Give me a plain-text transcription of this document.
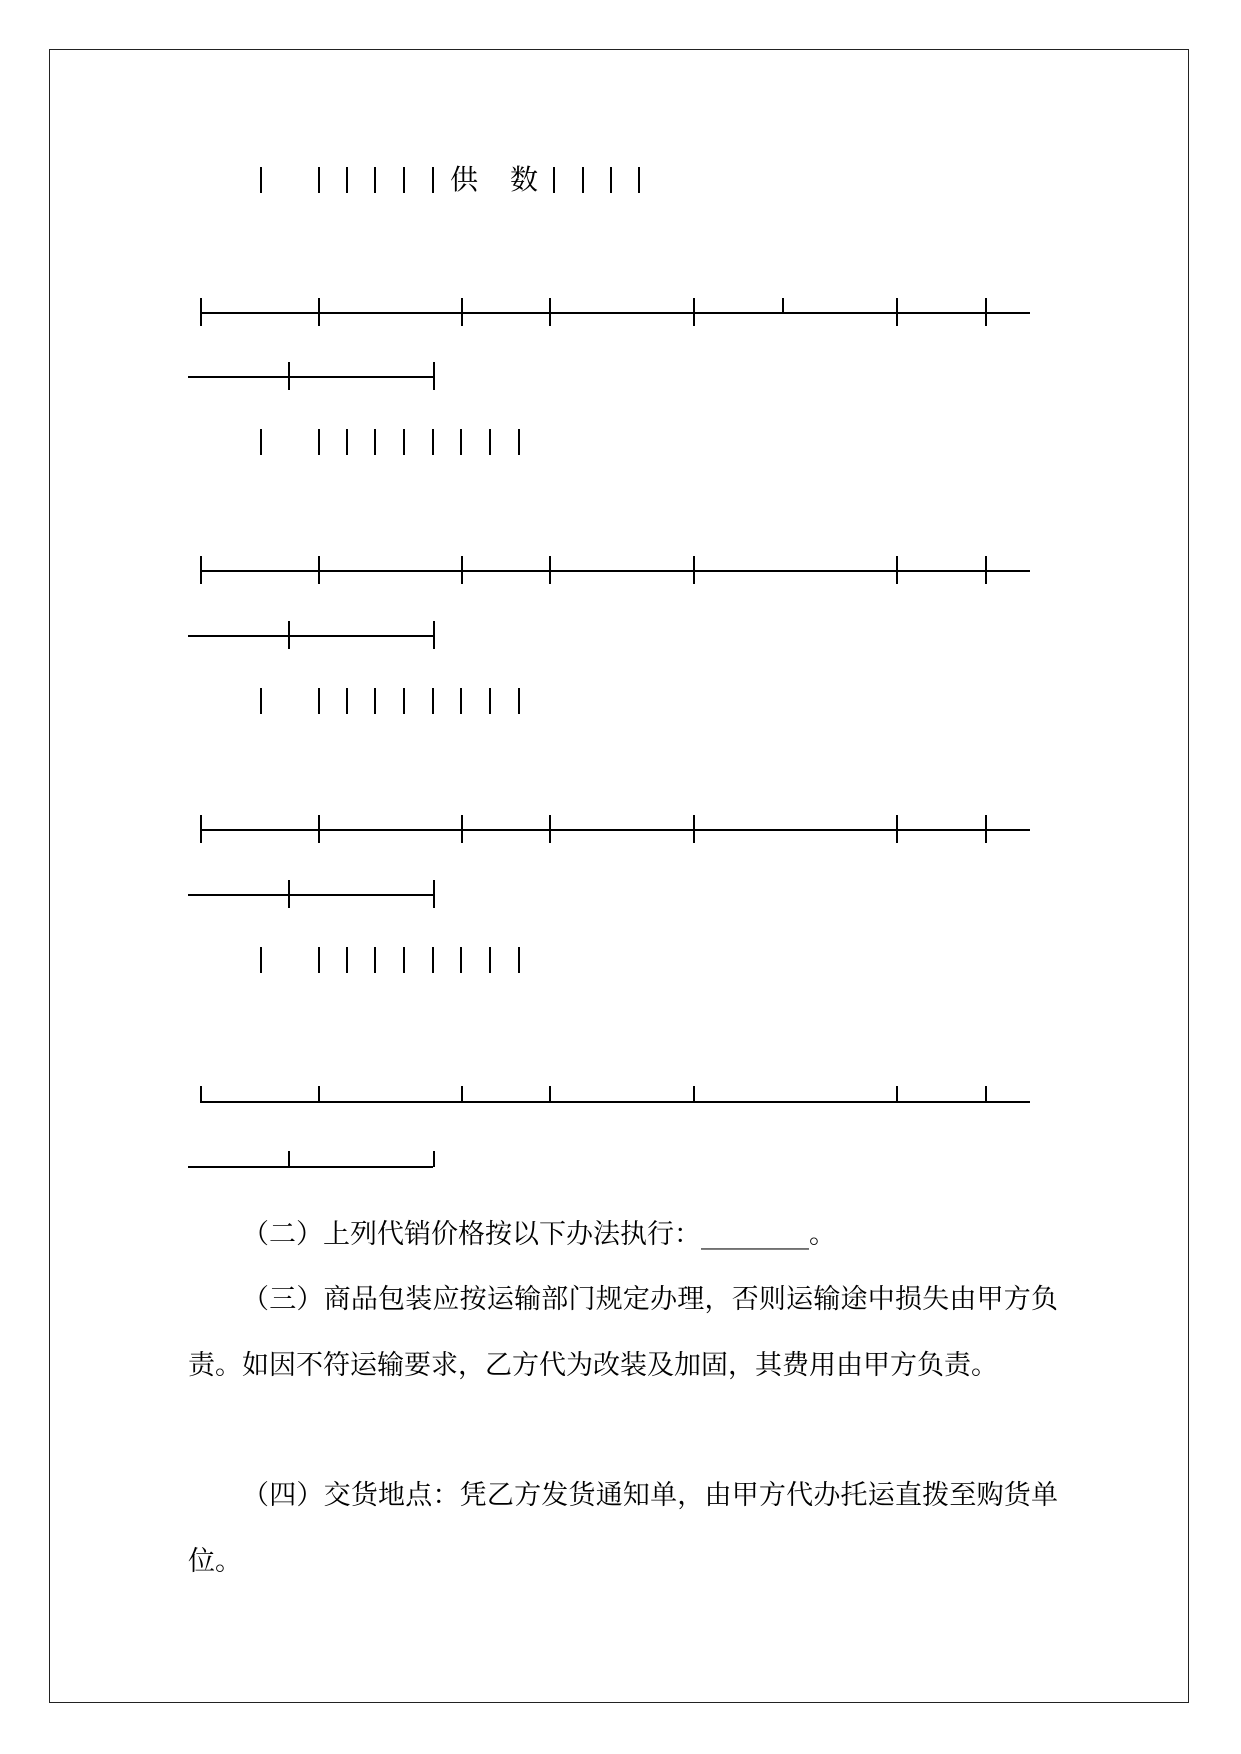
供 数

（二）上列代销价格按以下办法执行：________。

（三）商品包装应按运输部门规定办理，否则运输途中损失由甲方负责。如因不符运输要求，乙方代为改装及加固，其费用由甲方负责。

（四）交货地点：凭乙方发货通知单，由甲方代办托运直拨至购货单位。
